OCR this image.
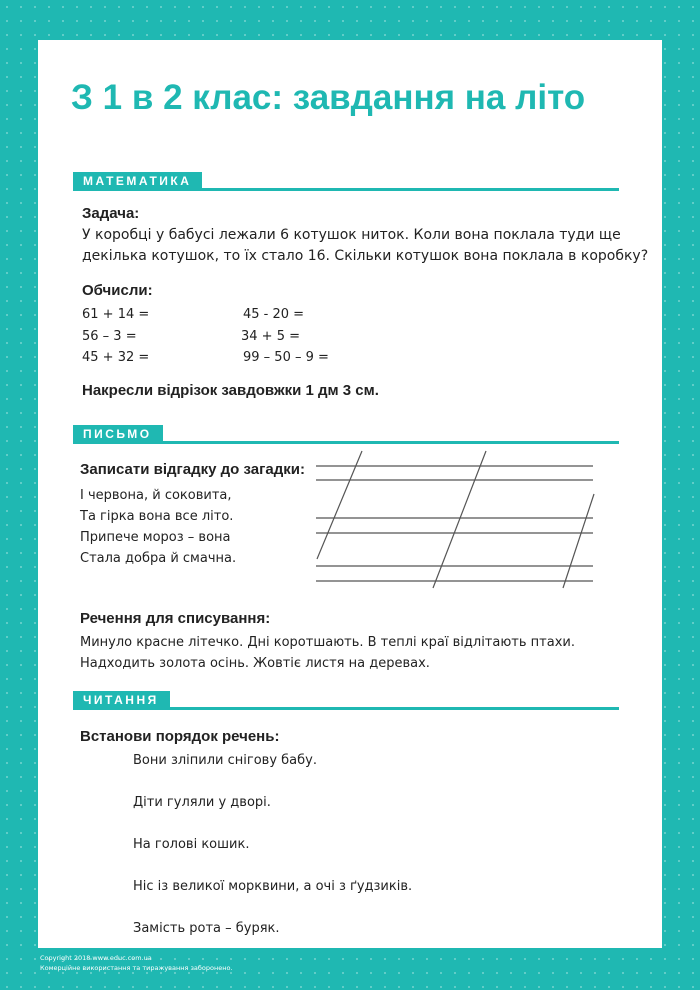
З 1 в 2 клас: завдання на літо
МАТЕМАТИКА
Задача:

У коробці у бабусі лежали 6 котушок ниток. Коли вона поклала туди ще

декілька котушок, то їх стало 16. Скільки котушок вона поклала в коробку?

Обчисли:
61 + 14 =
56 – 3 =
45 + 32 =
45 - 20 =
34 + 5 =
99 – 50 – 9 =
Накресли відрізок завдовжки 1 дм 3 см.
ПИСЬМО
Записати відгадку до загадки:
І червона, й соковита,
Та гірка вона все літо.
Припече мороз – вона
Стала добра й смачна.
Речення для списування:
Минуло красне літечко. Дні коротшають. В теплі краї відлітають птахи.
Надходить золота осінь. Жовтіє листя на деревах.
ЧИТАННЯ
Встанови порядок речень:
Вони зліпили снігову бабу.
Діти гуляли у дворі.
На голові кошик.
Ніс із великої морквини, а очі з ґудзиків.
Замість рота – буряк.
Copyright 2018 www.educ.com.ua
Комерційне використання та тиражування заборонено.
